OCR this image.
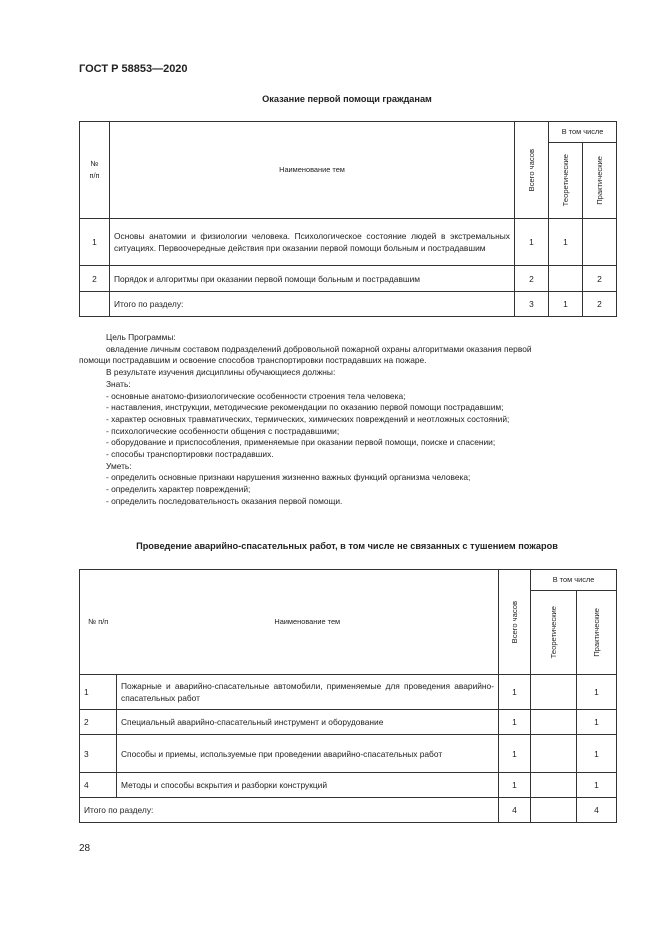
ГОСТ Р 58853—2020
Оказание первой помощи гражданам
№
п/п	Наименование тем	Всего часов	В том числе	

			Теоретические	Практические

1	Основы анатомии и физиологии человека. Психологическое состояние людей в экстремальных ситуациях. Первоочередные действия при оказании первой помощи больным и пострадавшим	1	1	
2	Порядок и алгоритмы при оказании первой помощи больным и пострадавшим	2		2
	Итого по разделу:	3	1	2
Цель Программы:
овладение личным составом подразделений добровольной пожарной охраны алгоритмами оказания первой
помощи пострадавшим и освоение способов транспортировки пострадавших на пожаре.
В результате изучения дисциплины обучающиеся должны:
Знать:
- основные анатомо-физиологические особенности строения тела человека;
- наставления, инструкции, методические рекомендации по оказанию первой помощи пострадавшим;
- характер основных травматических, термических, химических повреждений и неотложных состояний;
- психологические особенности общения с пострадавшими;
- оборудование и приспособления, применяемые при оказании первой помощи, поиске и спасении;
- способы транспортировки пострадавших.
Уметь:
- определить основные признаки нарушения жизненно важных функций организма человека;
- определить характер повреждений;
- определить последовательность оказания первой помощи.
Проведение аварийно-спасательных работ, в том числе не связанных с тушением пожаров
№ п/п	Наименование тем	Всего часов	В том числе	

			Теоретические	Практические

1	Пожарные и аварийно-спасательные автомобили, применяемые для проведения аварийно-спасательных работ	1		1
2	Специальный аварийно-спасательный инструмент и оборудование	1		1
3	Способы и приемы, используемые при проведении аварийно-спасательных работ	1		1
4	Методы и способы вскрытия и разборки конструкций	1		1
Итого по разделу:		4		4
28
